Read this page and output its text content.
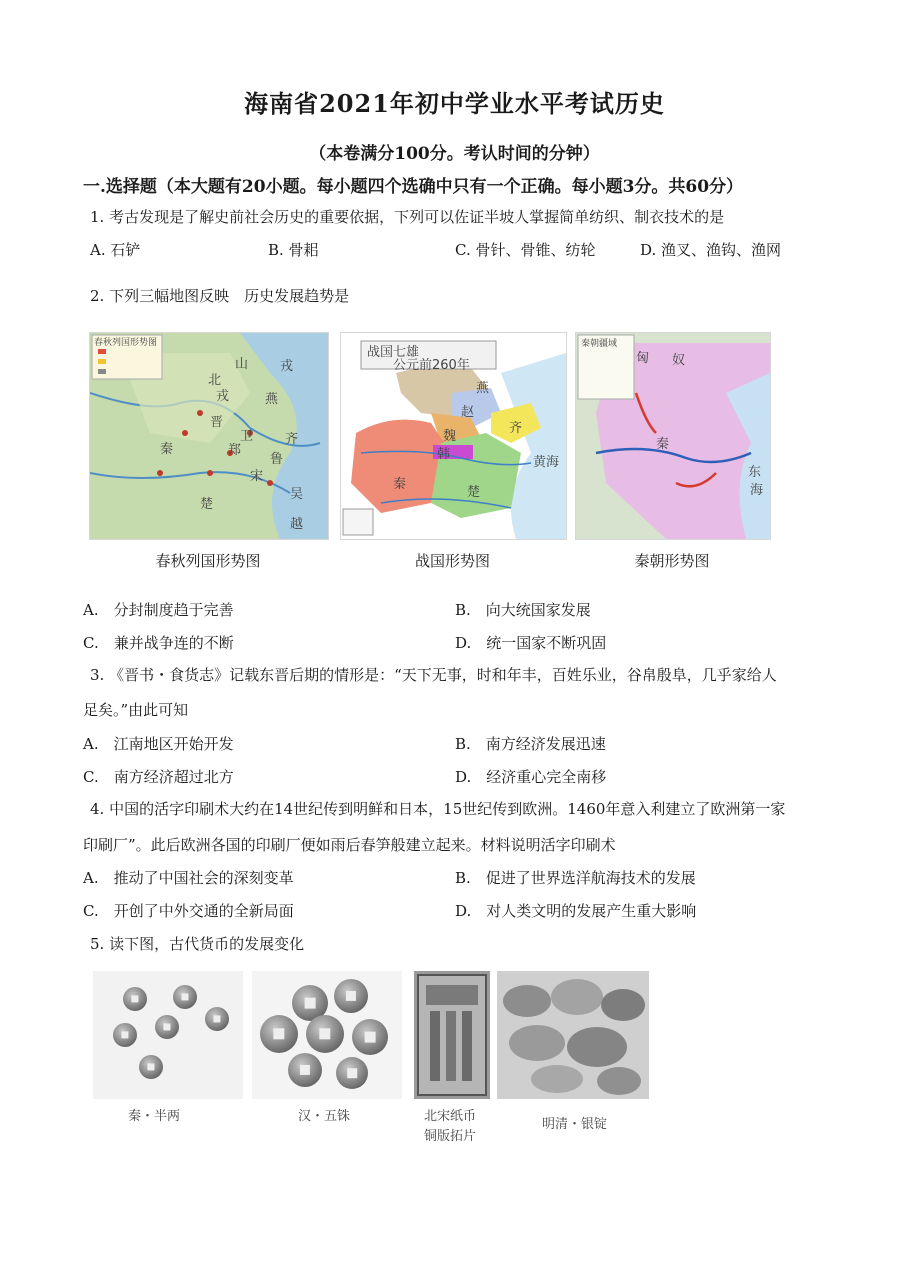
海南省2021年初中学业水平考试历史
（本卷满分100分。考认时间的分钟）
一.选择题（本大题有20小题。每小题四个选确中只有一个正确。每小题3分。共60分）
1. 考古发现是了解史前社会历史的重要依据，下列可以佐证半坡人掌握简单纺织、制衣技术的是
A. 石铲	B. 骨耜	C. 骨针、骨锥、纺轮	D. 渔叉、渔钩、渔网
2. 下列三幅地图反映　历史发展趋势是
春秋列国形势图
山 戎
北
戎
晋
秦
燕
齐
鲁
宋
郑
卫
楚
吴
越
春秋列国形势图
战国七雄
公元前260年
燕
赵
齐
魏
韩
秦
楚
黄海
战国形势图
秦朝疆域
匈 奴
秦
东
海
秦朝形势图
A.　分封制度趋于完善	B.　向大统国家发展
C.　兼并战争连的不断	D.　统一国家不断巩固
3. 《晋书・食货志》记载东晋后期的情形是：“天下无事，时和年丰，百姓乐业，谷帛殷阜，几乎家给人
足矣。”由此可知
A.　江南地区开始开发	B.　南方经济发展迅速
C.　南方经济超过北方	D.　经济重心完全南移
4. 中国的活字印刷术大约在14世纪传到明鲜和日本，15世纪传到欧洲。1460年意入利建立了欧洲第一家
印刷厂”。此后欧洲各国的印刷厂便如雨后春笋般建立起来。材料说明活字印刷术
A.　推动了中国社会的深刻变革	B.　促进了世界选洋航海技术的发展
C.　开创了中外交通的全新局面	D.　对人类文明的发展产生重大影响
5. 读下图，古代货币的发展变化
秦・半两	汉・五铢	北宋纸币
铜版拓片
明清・银锭
